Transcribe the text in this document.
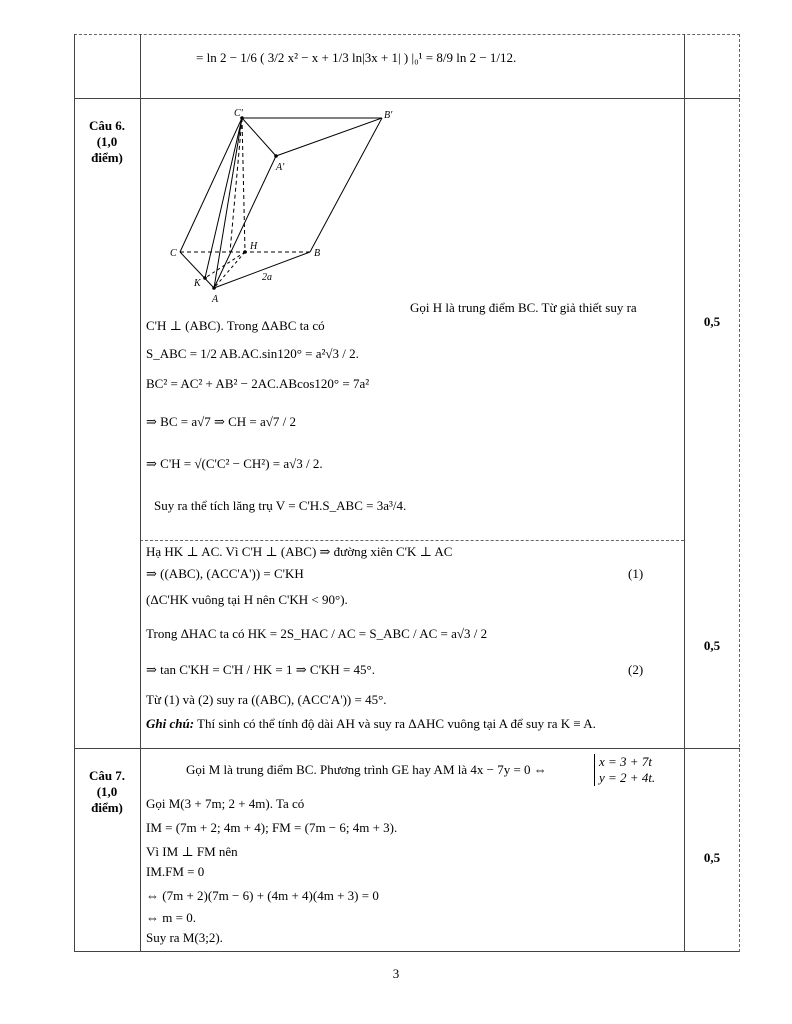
= ln 2 − 1/6 ( 3/2 x² − x + 1/3 ln|3x + 1| ) |₀¹ = 8/9 ln 2 − 1/12.
Câu 6.
(1,0
điểm)
C'	B'
A'
C
H
B
K
A
2a
Gọi H là trung điểm BC. Từ giả thiết suy ra
C'H ⊥ (ABC). Trong ΔABC ta có
S_ABC = 1/2 AB.AC.sin120° = a²√3 / 2.
BC² = AC² + AB² − 2AC.ABcos120° = 7a²
⇒ BC = a√7 ⇒ CH = a√7 / 2
⇒ C'H = √(C'C² − CH²) = a√3 / 2.
Suy ra thể tích lăng trụ V = C'H.S_ABC = 3a³/4.
0,5
Hạ HK ⊥ AC. Vì C'H ⊥ (ABC) ⇒ đường xiên C'K ⊥ AC
⇒ ((ABC), (ACC'A')) = C'KH	(1)
(ΔC'HK vuông tại H nên C'KH < 90°).
Trong ΔHAC ta có HK = 2S_HAC / AC = S_ABC / AC = a√3 / 2
⇒ tan C'KH = C'H / HK = 1 ⇒ C'KH = 45°.	(2)
Từ (1) và (2) suy ra ((ABC), (ACC'A')) = 45°.
Ghi chú: Thí sinh có thể tính độ dài AH và suy ra ΔAHC vuông tại A để suy ra K ≡ A.
0,5
Câu 7.
(1,0
điểm)
Gọi M là trung điểm BC. Phương trình GE hay AM là 4x − 7y = 0 ⇔
x = 3 + 7t
y = 2 + 4t.
Gọi M(3 + 7m; 2 + 4m). Ta có
IM = (7m + 2; 4m + 4); FM = (7m − 6; 4m + 3).
Vì IM ⊥ FM nên
IM.FM = 0
⇔ (7m + 2)(7m − 6) + (4m + 4)(4m + 3) = 0
⇔ m = 0.
Suy ra M(3;2).
0,5
3
